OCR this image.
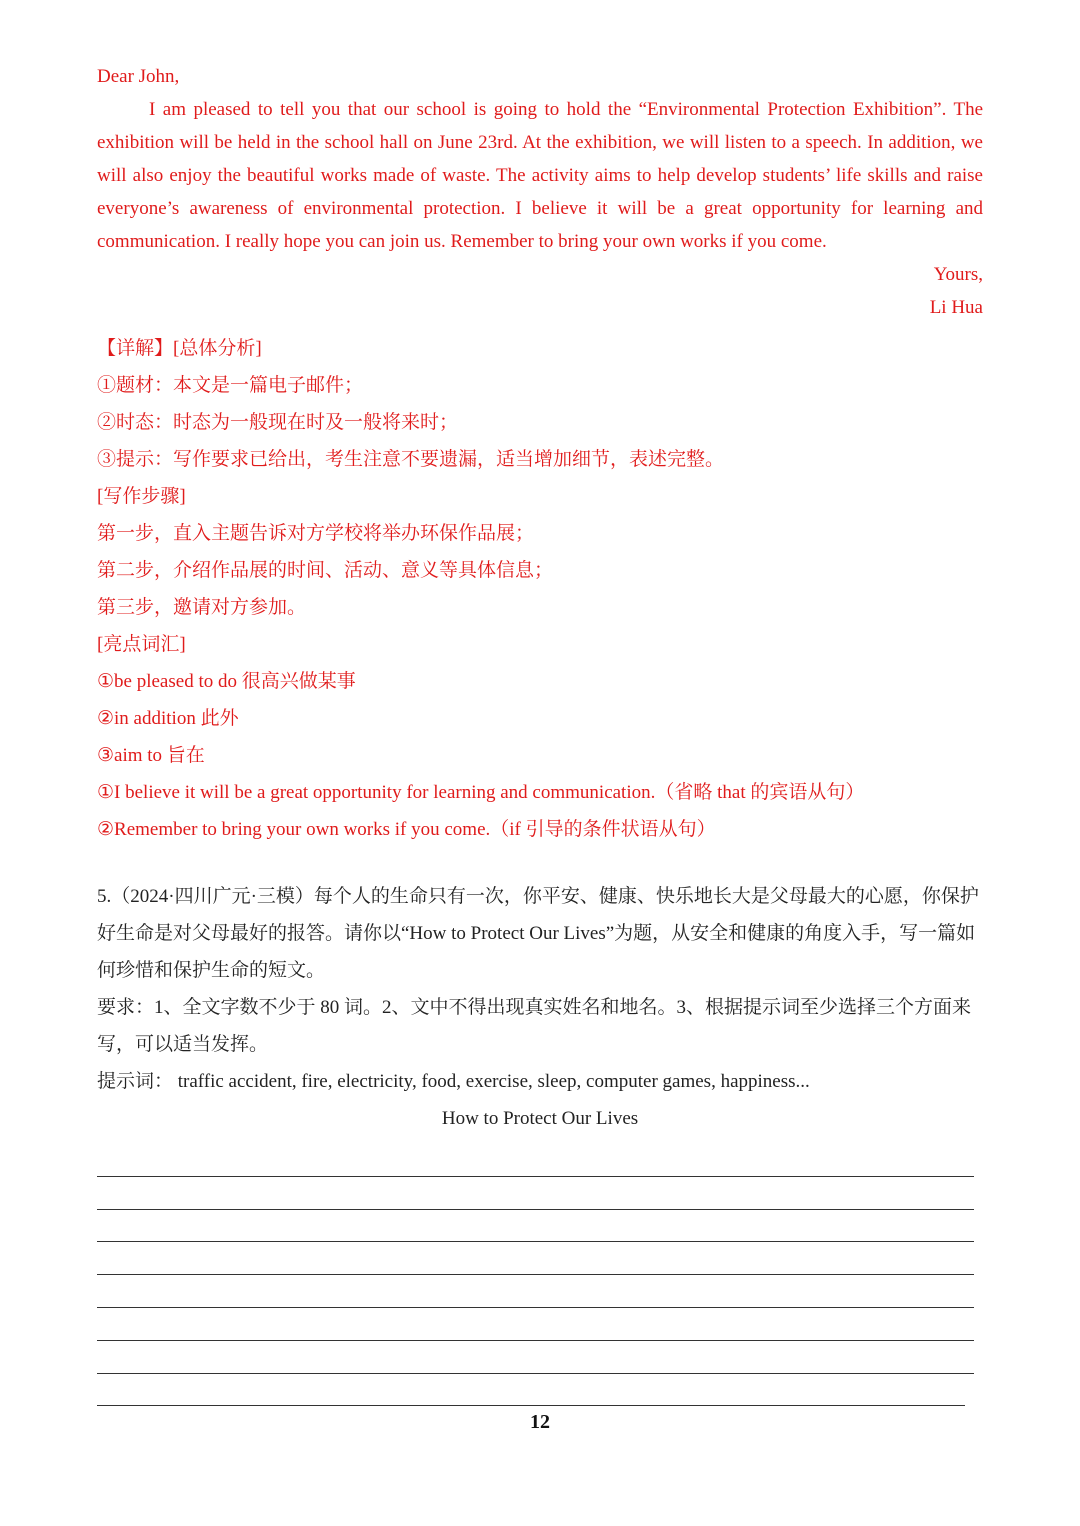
Dear John,

I am pleased to tell you that our school is going to hold the “Environmental Protection Exhibition”. The exhibition will be held in the school hall on June 23rd. At the exhibition, we will listen to a speech. In addition, we will also enjoy the beautiful works made of waste. The activity aims to help develop students’ life skills and raise everyone’s awareness of environmental protection. I believe it will be a great opportunity for learning and communication. I really hope you can join us. Remember to bring your own works if you come.

Yours,

Li Hua

【详解】[总体分析]
①题材：本文是一篇电子邮件；
②时态：时态为一般现在时及一般将来时；
③提示：写作要求已给出，考生注意不要遗漏，适当增加细节，表述完整。
[写作步骤]
第一步，直入主题告诉对方学校将举办环保作品展；
第二步，介绍作品展的时间、活动、意义等具体信息；
第三步，邀请对方参加。
[亮点词汇]
①be pleased to do 很高兴做某事
②in addition 此外
③aim to 旨在
①I believe it will be a great opportunity for learning and communication.（省略 that 的宾语从句）
②Remember to bring your own works if you come.（if 引导的条件状语从句）

5.（2024·四川广元·三模）每个人的生命只有一次，你平安、健康、快乐地长大是父母最大的心愿，你保护好生命是对父母最好的报答。请你以“How to Protect Our Lives”为题，从安全和健康的角度入手，写一篇如何珍惜和保护生命的短文。

要求：1、全文字数不少于 80 词。2、文中不得出现真实姓名和地名。3、根据提示词至少选择三个方面来写，可以适当发挥。

提示词： traffic accident, fire, electricity, food, exercise, sleep, computer games, happiness...

How to Protect Our Lives
12
